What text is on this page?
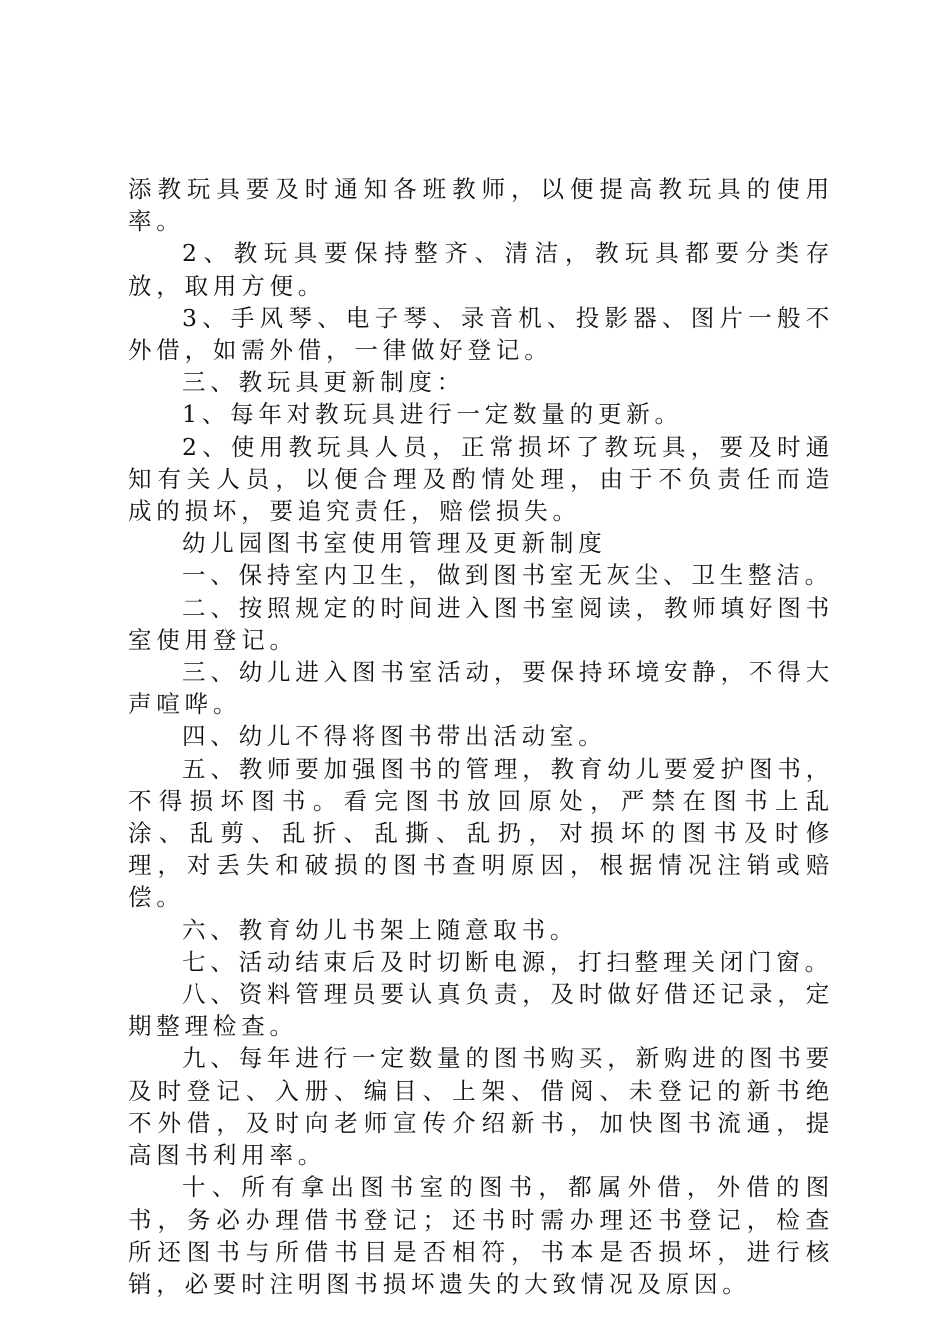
添教玩具要及时通知各班教师，以便提高教玩具的使用率。

2、教玩具要保持整齐、清洁，教玩具都要分类存放，取用方便。

3、手风琴、电子琴、录音机、投影器、图片一般不外借，如需外借，一律做好登记。

三、教玩具更新制度：

1、每年对教玩具进行一定数量的更新。

2、使用教玩具人员，正常损坏了教玩具，要及时通知有关人员，以便合理及酌情处理，由于不负责任而造成的损坏，要追究责任，赔偿损失。

幼儿园图书室使用管理及更新制度

一、保持室内卫生，做到图书室无灰尘、卫生整洁。

二、按照规定的时间进入图书室阅读，教师填好图书室使用登记。

三、幼儿进入图书室活动，要保持环境安静，不得大声喧哗。

四、幼儿不得将图书带出活动室。

五、教师要加强图书的管理，教育幼儿要爱护图书，不得损坏图书。看完图书放回原处，严禁在图书上乱涂、乱剪、乱折、乱撕、乱扔，对损坏的图书及时修理，对丢失和破损的图书查明原因，根据情况注销或赔偿。

六、教育幼儿书架上随意取书。

七、活动结束后及时切断电源，打扫整理关闭门窗。

八、资料管理员要认真负责，及时做好借还记录，定期整理检查。

九、每年进行一定数量的图书购买，新购进的图书要及时登记、入册、编目、上架、借阅、未登记的新书绝不外借，及时向老师宣传介绍新书，加快图书流通，提高图书利用率。

十、所有拿出图书室的图书，都属外借，外借的图书，务必办理借书登记；还书时需办理还书登记，检查所还图书与所借书目是否相符，书本是否损坏，进行核销，必要时注明图书损坏遗失的大致情况及原因。
